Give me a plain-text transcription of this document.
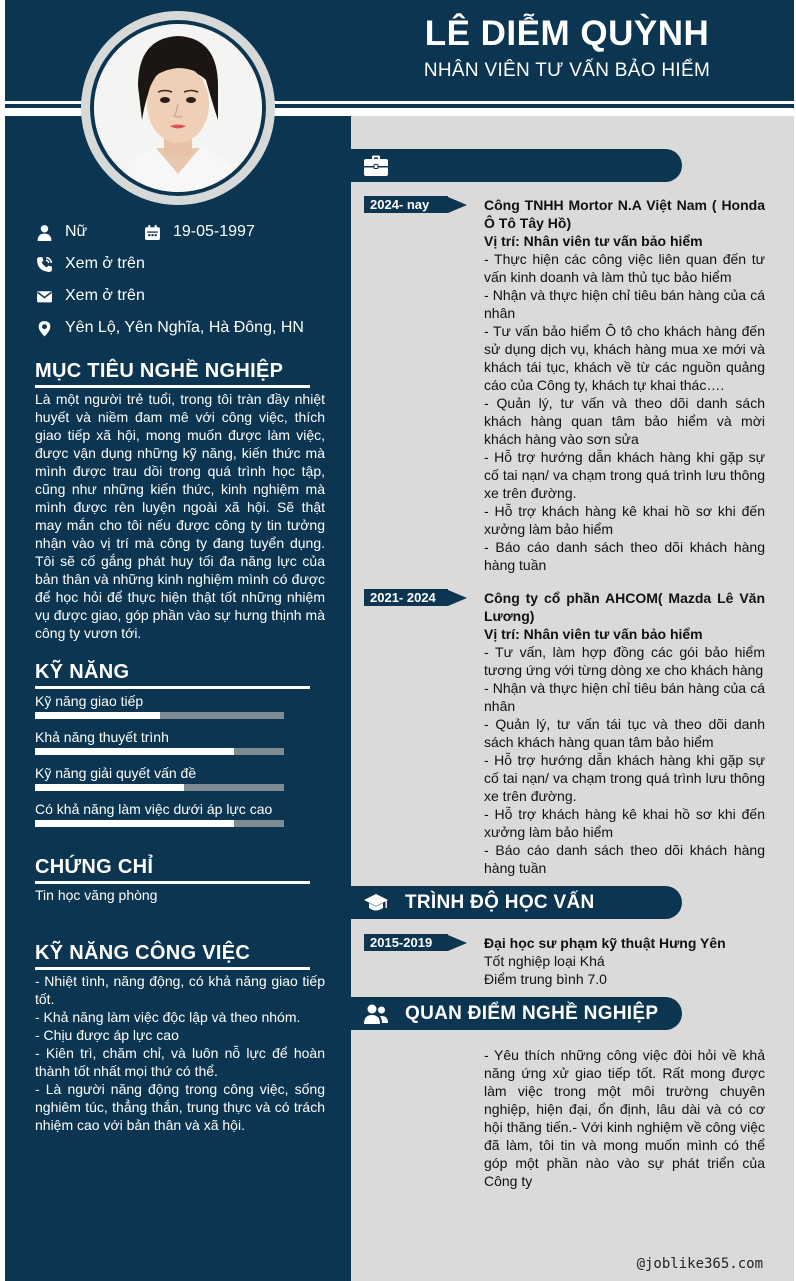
LÊ DIỄM QUỲNH
NHÂN VIÊN TƯ VẤN BẢO HIỂM
Nữ	19-05-1997
Xem ở trên
Xem ở trên
Yên Lộ, Yên Nghĩa, Hà Đông, HN
MỤC TIÊU NGHỀ NGHIỆP
Là một người trẻ tuổi, trong tôi tràn đầy nhiệt huyết và niềm đam mê với công việc, thích giao tiếp xã hội, mong muốn được làm việc, được vận dụng những kỹ năng, kiến thức mà mình được trau dồi trong quá trình học tập, cũng như những kiến thức, kinh nghiệm mà mình được rèn luyện ngoài xã hội. Sẽ thật may mắn cho tôi nếu được công ty tin tưởng nhận vào vị trí mà công ty đang tuyển dụng. Tôi sẽ cố gắng phát huy tối đa năng lực của bản thân và những kinh nghiệm mình có được để học hỏi để thực hiện thật tốt những nhiệm vụ được giao, góp phần vào sự hưng thịnh mà công ty vươn tới.
KỸ NĂNG
Kỹ năng giao tiếp
Khả năng thuyết trình
Kỹ năng giải quyết vấn đề
Có khả năng làm việc dưới áp lực cao
CHỨNG CHỈ
Tin học văng phòng
KỸ NĂNG CÔNG VIỆC
- Nhiệt tình, năng động, có khả năng giao tiếp tốt.
- Khả năng làm việc độc lập và theo nhóm.
- Chịu được áp lực cao
- Kiên trì, chăm chỉ, và luôn nỗ lực để hoàn thành tốt nhất mọi thứ có thể.
- Là người năng động trong công việc, sống nghiêm túc, thẳng thắn, trung thực và có trách nhiệm cao với bản thân và xã hội.
2024- nay	Công TNHH Mortor N.A Việt Nam ( Honda Ô Tô Tây Hồ)
Vị trí: Nhân viên tư vấn bảo hiểm
- Thực hiện các công việc liên quan đến tư vấn kinh doanh và làm thủ tục bảo hiểm
- Nhận và thực hiện chỉ tiêu bán hàng của cá nhân
- Tư vấn bảo hiểm Ô tô cho khách hàng đến sử dụng dịch vụ, khách hàng mua xe mới và khách tái tục, khách về từ các nguồn quảng cáo của Công ty, khách tự khai thác….
- Quản lý, tư vấn và theo dõi danh sách khách hàng quan tâm bảo hiểm và mời khách hàng vào sơn sửa
- Hỗ trợ hướng dẫn khách hàng khi gặp sự cố tai nạn/ va chạm trong quá trình lưu thông xe trên đường.
- Hỗ trợ khách hàng kê khai hồ sơ khi đến xưởng làm bảo hiểm
- Báo cáo danh sách theo dõi khách hàng hàng tuần
2021- 2024	Công ty cổ phần AHCOM( Mazda Lê Văn Lương)
Vị trí: Nhân viên tư vấn bảo hiểm
- Tư vấn, làm hợp đồng các gói bảo hiểm tương ứng với từng dòng xe cho khách hàng
- Nhận và thực hiện chỉ tiêu bán hàng của cá nhân
- Quản lý, tư vấn tái tục và theo dõi danh sách khách hàng quan tâm bảo hiểm
- Hỗ trợ hướng dẫn khách hàng khi gặp sự cố tai nạn/ va chạm trong quá trình lưu thông xe trên đường.
- Hỗ trợ khách hàng kê khai hồ sơ khi đến xưởng làm bảo hiểm
- Báo cáo danh sách theo dõi khách hàng hàng tuần
TRÌNH ĐỘ HỌC VẤN
2015-2019	Đại học sư phạm kỹ thuật Hưng Yên
Tốt nghiệp loại Khá
Điểm trung bình 7.0
QUAN ĐIỂM NGHỀ NGHIỆP
- Yêu thích những công việc đòi hỏi về khả năng ứng xử giao tiếp tốt. Rất mong được làm việc trong một môi trường chuyên nghiệp, hiện đại, ổn định, lâu dài và có cơ hội thăng tiến.- Với kinh nghiệm về công việc đã làm, tôi tin và mong muốn mình có thể góp một phần nào vào sự phát triển của Công ty
@joblike365.com
